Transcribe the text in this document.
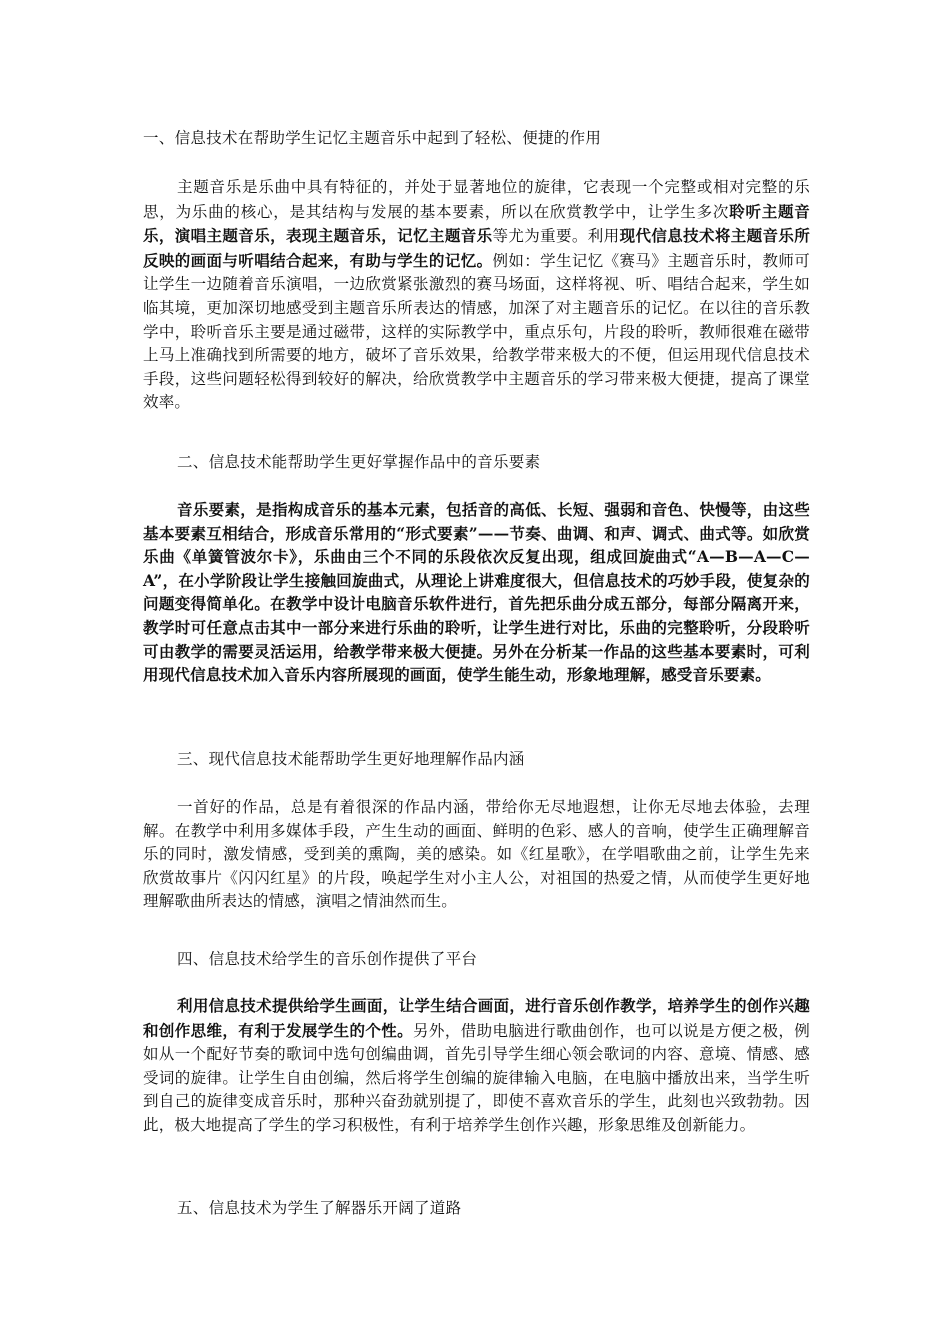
一、信息技术在帮助学生记忆主题音乐中起到了轻松、便捷的作用
主题音乐是乐曲中具有特征的，并处于显著地位的旋律，它表现一个完整或相对完整的乐思，为乐曲的核心，是其结构与发展的基本要素，所以在欣赏教学中，让学生多次聆听主题音乐，演唱主题音乐，表现主题音乐，记忆主题音乐等尤为重要。利用现代信息技术将主题音乐所反映的画面与听唱结合起来，有助与学生的记忆。例如：学生记忆《赛马》主题音乐时，教师可让学生一边随着音乐演唱，一边欣赏紧张激烈的赛马场面，这样将视、听、唱结合起来，学生如临其境，更加深切地感受到主题音乐所表达的情感，加深了对主题音乐的记忆。在以往的音乐教学中，聆听音乐主要是通过磁带，这样的实际教学中，重点乐句，片段的聆听，教师很难在磁带上马上准确找到所需要的地方，破坏了音乐效果，给教学带来极大的不便，但运用现代信息技术手段，这些问题轻松得到较好的解决，给欣赏教学中主题音乐的学习带来极大便捷，提高了课堂效率。
二、信息技术能帮助学生更好掌握作品中的音乐要素
音乐要素，是指构成音乐的基本元素，包括音的高低、长短、强弱和音色、快慢等，由这些基本要素互相结合，形成音乐常用的“形式要素”——节奏、曲调、和声、调式、曲式等。如欣赏乐曲《单簧管波尔卡》，乐曲由三个不同的乐段依次反复出现，组成回旋曲式“A—B—A—C—A”，在小学阶段让学生接触回旋曲式，从理论上讲难度很大，但信息技术的巧妙手段，使复杂的问题变得简单化。在教学中设计电脑音乐软件进行，首先把乐曲分成五部分，每部分隔离开来，教学时可任意点击其中一部分来进行乐曲的聆听，让学生进行对比，乐曲的完整聆听，分段聆听可由教学的需要灵活运用，给教学带来极大便捷。另外在分析某一作品的这些基本要素时，可利用现代信息技术加入音乐内容所展现的画面，使学生能生动，形象地理解，感受音乐要素。
三、现代信息技术能帮助学生更好地理解作品内涵
一首好的作品，总是有着很深的作品内涵，带给你无尽地遐想，让你无尽地去体验，去理解。在教学中利用多媒体手段，产生生动的画面、鲜明的色彩、感人的音响，使学生正确理解音乐的同时，激发情感，受到美的熏陶，美的感染。如《红星歌》，在学唱歌曲之前，让学生先来欣赏故事片《闪闪红星》的片段，唤起学生对小主人公，对祖国的热爱之情，从而使学生更好地理解歌曲所表达的情感，演唱之情油然而生。
四、信息技术给学生的音乐创作提供了平台
利用信息技术提供给学生画面，让学生结合画面，进行音乐创作教学，培养学生的创作兴趣和创作思维，有利于发展学生的个性。另外，借助电脑进行歌曲创作，也可以说是方便之极，例如从一个配好节奏的歌词中选句创编曲调，首先引导学生细心领会歌词的内容、意境、情感、感受词的旋律。让学生自由创编，然后将学生创编的旋律输入电脑，在电脑中播放出来，当学生听到自己的旋律变成音乐时，那种兴奋劲就别提了，即使不喜欢音乐的学生，此刻也兴致勃勃。因此，极大地提高了学生的学习积极性，有利于培养学生创作兴趣，形象思维及创新能力。
五、信息技术为学生了解器乐开阔了道路
